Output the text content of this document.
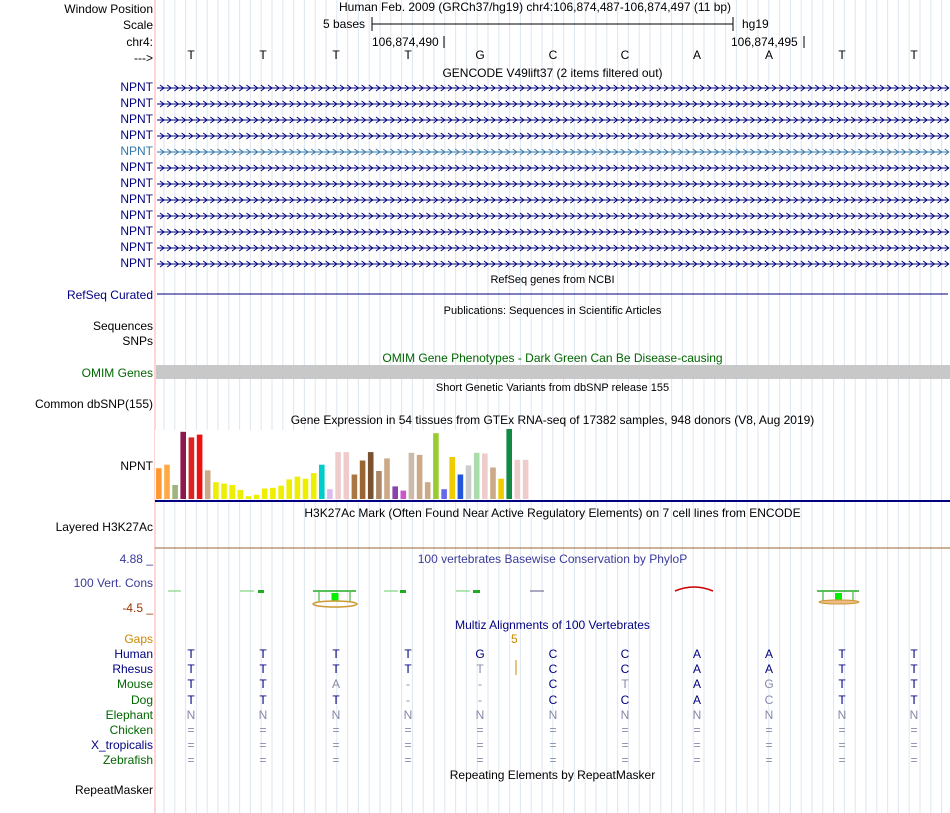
Window Position
Scale
chr4:
--->
Human Feb. 2009 (GRCh37/hg19) chr4:106,874,487-106,874,497 (11 bp)
5 bases	hg19
106,874,490	106,874,495
T	T	T	T	G	C	C	A	A	T	T
GENCODE V49lift37 (2 items filtered out)
NPNT
NPNT
NPNT
NPNT
NPNT
NPNT
NPNT
NPNT
NPNT
NPNT
NPNT
NPNT
RefSeq genes from NCBI
RefSeq Curated
Publications: Sequences in Scientific Articles
Sequences
SNPs
OMIM Gene Phenotypes - Dark Green Can Be Disease-causing
OMIM Genes
Short Genetic Variants from dbSNP release 155
Common dbSNP(155)
Gene Expression in 54 tissues from GTEx RNA-seq of 17382 samples, 948 donors (V8, Aug 2019)
NPNT
H3K27Ac Mark (Often Found Near Active Regulatory Elements) on 7 cell lines from ENCODE
Layered H3K27Ac
100 vertebrates Basewise Conservation by PhyloP
4.88 _
100 Vert. Cons
-4.5 _
Multiz Alignments of 100 Vertebrates
Gaps	5
Human	T	T	T	T	G	C	C	A	A	T	T
Rhesus	T	T	T	T	T	C	C	A	A	T	T
Mouse	T	T	A	-	-	C	T	A	G	T	T
Dog	T	T	T	-	-	C	C	A	C	T	T
Elephant	N	N	N	N	N	N	N	N	N	N	N
Chicken	=	=	=	=	=	=	=	=	=	=	=
X_tropicalis	=	=	=	=	=	=	=	=	=	=	=
Zebrafish	=	=	=	=	=	=	=	=	=	=	=
Repeating Elements by RepeatMasker
RepeatMasker
